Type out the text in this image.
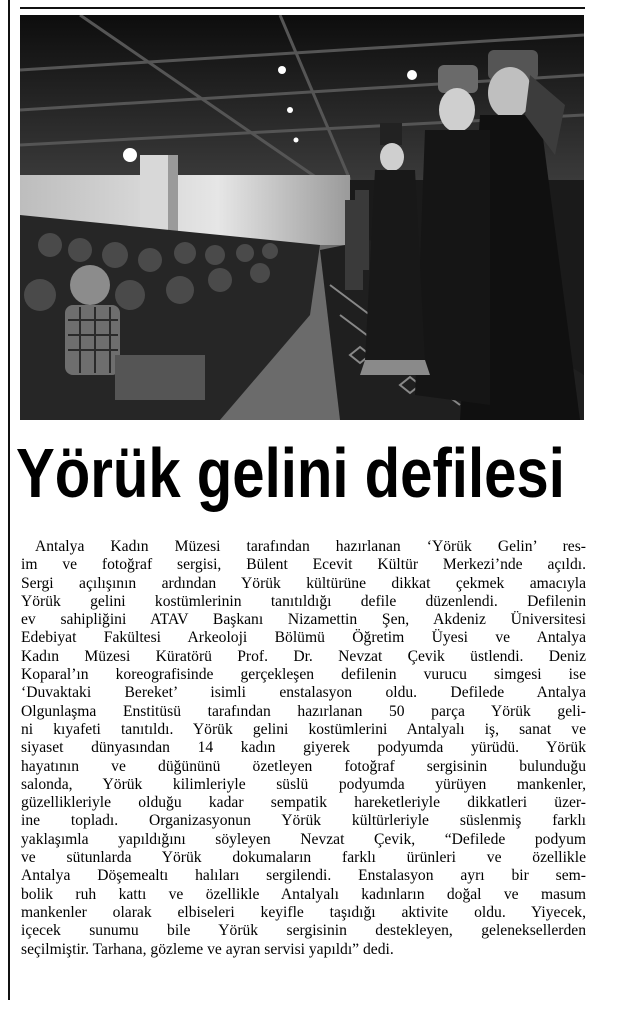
Yörük gelini defilesi
Antalya Kadın Müzesi tarafından hazırlanan ‘Yörük Gelin’ res-
im ve fotoğraf sergisi, Bülent Ecevit Kültür Merkezi’nde açıldı.
Sergi açılışının ardından Yörük kültürüne dikkat çekmek amacıyla
Yörük gelini kostümlerinin tanıtıldığı defile düzenlendi. Defilenin
ev sahipliğini ATAV Başkanı Nizamettin Şen, Akdeniz Üniversitesi
Edebiyat Fakültesi Arkeoloji Bölümü Öğretim Üyesi ve Antalya
Kadın Müzesi Küratörü Prof. Dr. Nevzat Çevik üstlendi. Deniz
Koparal’ın koreografisinde gerçekleşen defilenin vurucu simgesi ise
‘Duvaktaki Bereket’ isimli enstalasyon oldu. Defilede Antalya
Olgunlaşma Enstitüsü tarafından hazırlanan 50 parça Yörük geli-
ni kıyafeti tanıtıldı. Yörük gelini kostümlerini Antalyalı iş, sanat ve
siyaset dünyasından 14 kadın giyerek podyumda yürüdü. Yörük
hayatının ve düğününü özetleyen fotoğraf sergisinin bulunduğu
salonda, Yörük kilimleriyle süslü podyumda yürüyen mankenler,
güzellikleriyle olduğu kadar sempatik hareketleriyle dikkatleri üzer-
ine topladı. Organizasyonun Yörük kültürleriyle süslenmiş farklı
yaklaşımla yapıldığını söyleyen Nevzat Çevik, “Defilede podyum
ve sütunlarda Yörük dokumaların farklı ürünleri ve özellikle
Antalya Döşemealtı halıları sergilendi. Enstalasyon ayrı bir sem-
bolik ruh kattı ve özellikle Antalyalı kadınların doğal ve masum
mankenler olarak elbiseleri keyifle taşıdığı aktivite oldu. Yiyecek,
içecek sunumu bile Yörük sergisinin destekleyen, geleneksellerden
seçilmiştir. Tarhana, gözleme ve ayran servisi yapıldı” dedi.
